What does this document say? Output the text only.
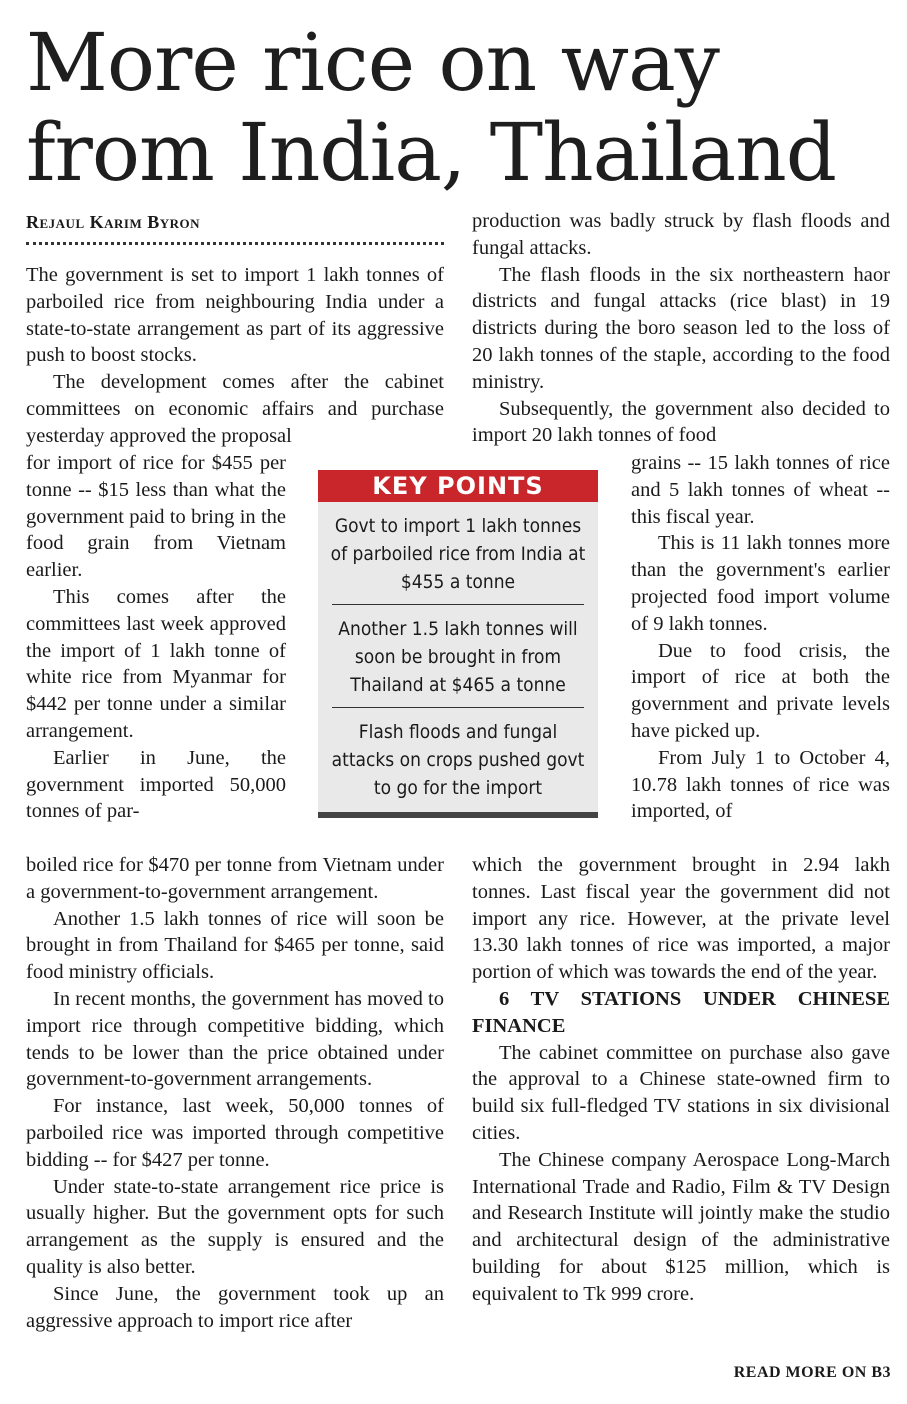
More rice on way from India, Thailand
Rejaul Karim Byron

The government is set to import 1 lakh tonnes of parboiled rice from neighbouring India under a state-to-state arrangement as part of its aggressive push to boost stocks.

The development comes after the cabinet committees on economic affairs and purchase yesterday approved the proposal

for import of rice for $455 per tonne -- $15 less than what the government paid to bring in the food grain from Vietnam earlier.

This comes after the committees last week approved the import of 1 lakh tonne of white rice from Myanmar for $442 per tonne under a similar arrangement.

Earlier in June, the government imported 50,000 tonnes of par-

boiled rice for $470 per tonne from Vietnam under a government-to-government arrangement.

Another 1.5 lakh tonnes of rice will soon be brought in from Thailand for $465 per tonne, said food ministry officials.

In recent months, the government has moved to import rice through competitive bidding, which tends to be lower than the price obtained under government-to-government arrangements.

For instance, last week, 50,000 tonnes of parboiled rice was imported through competitive bidding -- for $427 per tonne.

Under state-to-state arrangement rice price is usually higher. But the government opts for such arrangement as the supply is ensured and the quality is also better.

Since June, the government took up an aggressive approach to import rice after

production was badly struck by flash floods and fungal attacks.

The flash floods in the six northeastern haor districts and fungal attacks (rice blast) in 19 districts during the boro season led to the loss of 20 lakh tonnes of the staple, according to the food ministry.

Subsequently, the government also decided to import 20 lakh tonnes of food

grains -- 15 lakh tonnes of rice and 5 lakh tonnes of wheat -- this fiscal year.

This is 11 lakh tonnes more than the government's earlier projected food import volume of 9 lakh tonnes.

Due to food crisis, the import of rice at both the government and private levels have picked up.

From July 1 to October 4, 10.78 lakh tonnes of rice was imported, of

which the government brought in 2.94 lakh tonnes. Last fiscal year the government did not import any rice. However, at the private level 13.30 lakh tonnes of rice was imported, a major portion of which was towards the end of the year.

6 TV STATIONS UNDER CHINESE FINANCE

The cabinet committee on purchase also gave the approval to a Chinese state-owned firm to build six full-fledged TV stations in six divisional cities.

The Chinese company Aerospace Long-March International Trade and Radio, Film & TV Design and Research Institute will jointly make the studio and architectural design of the administrative building for about $125 million, which is equivalent to Tk 999 crore.

KEY POINTS
Govt to import 1 lakh tonnes of parboiled rice from India at $455 a tonne
Another 1.5 lakh tonnes will soon be brought in from Thailand at $465 a tonne
Flash floods and fungal attacks on crops pushed govt to go for the import
READ MORE ON B3
